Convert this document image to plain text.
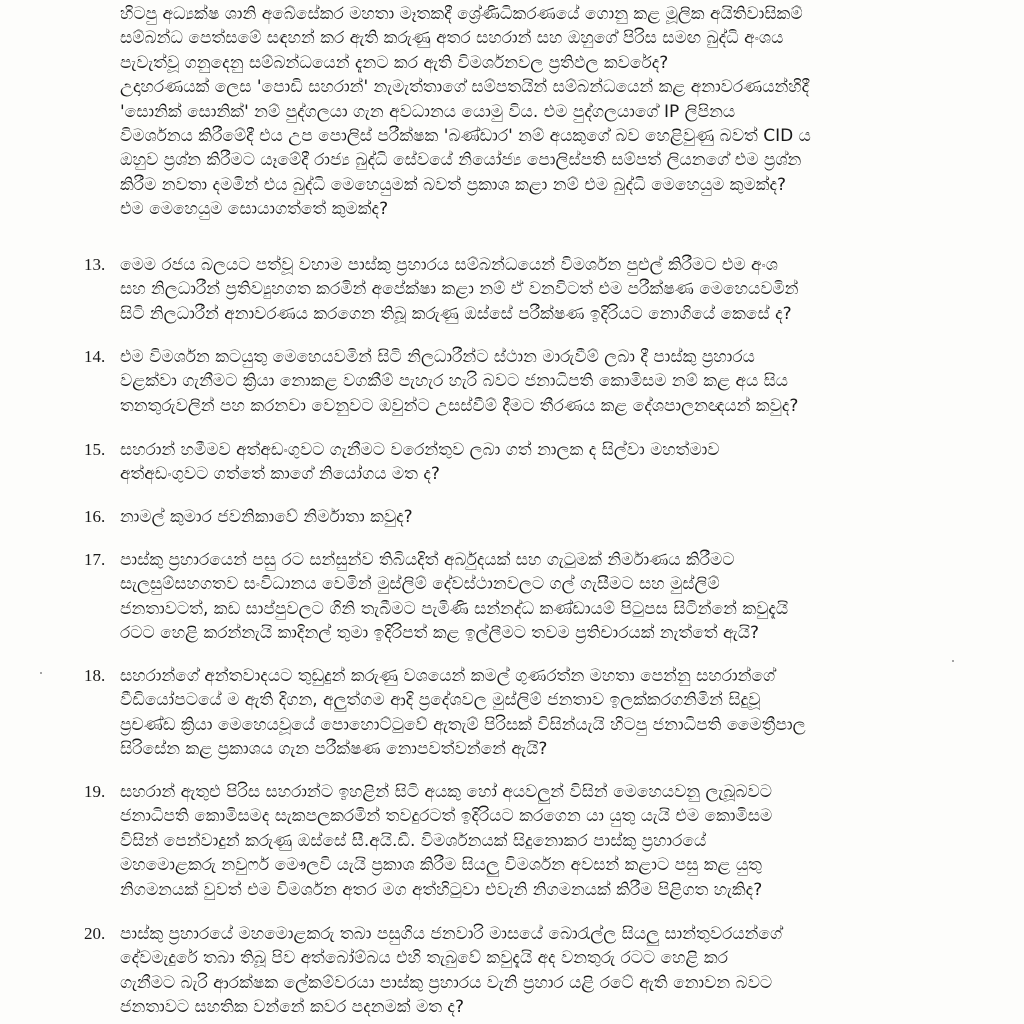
හිටපු අධ්‍යක්ෂ ශානි අබේසේකර මහතා මෑතකදී ශ්‍රේණිධිකරණයේ ගොනු කළ මූලික අයිතිවාසිකම්
සම්බන්ධ පෙත්සමේ සඳහන් කර ඇති කරුණු අතර සහරාන් සහ ඔහුගේ පිරිස සමඟ බුද්ධි අංශය
පැවැත්වූ ගනුදෙනු සම්බන්ධයෙන් දැනට කර ඇති විමර්ශනවල ප්‍රතිඵල කවරේද?
උදාහරණයක් ලෙස 'පොඩි සහරාන්' නැමැත්තාගේ සම්පතයින් සම්බන්ධයෙන් කළ අනාවරණයන්හිදී
'සොනික් සොනික්' නම් පුද්ගලයා ගැන අවධානය යොමු විය. එම පුද්ගලයාගේ IP ලිපිනය
විමර්ශනය කිරීමේදී එය උප පොලිස් පරීක්ෂක 'බණ්ඩාර' නම් අයකුගේ බව හෙළිවුණු බවත් CID ය
ඔහුව ප්‍රශ්න කිරීමට යෑමේදී රාජ්‍ය බුද්ධි සේවයේ නියෝජ්‍ය පොලිස්පති සම්පත් ලියනගේ එම ප්‍රශ්න
කිරීම නවතා දමමින් එය බුද්ධි මෙහෙයුමක් බවත් ප්‍රකාශ කළා නම් එම බුද්ධි මෙහෙයුම කුමක්ද?
එම මෙහෙයුම සොයාගත්තේ කුමක්ද?
13. මෙම රජය බලයට පත්වූ වහාම පාස්කු ප්‍රහාරය සම්බන්ධයෙන් විමර්ශන පුළුල් කිරීමට එම අංශ
සහ නිලධාරීන් ප්‍රතිව්‍යුහගත කරමින් අපේක්ෂා කළා නම් ඒ වනවිටත් එම පරීක්ෂණ මෙහෙයවමින්
සිටි නිලධාරීන් අනාවරණය කරගෙන තිබූ කරුණු ඔස්සේ පරීක්ෂණ ඉදිරියට නොගියේ කෙසේ ද?
14. එම විමර්ශන කටයුතු මෙහෙයවමින් සිටි නිලධාරීන්ට ස්ථාන මාරුවීම් ලබා දී පාස්කු ප්‍රහාරය
වළක්වා ගැනීමට ක්‍රියා නොකළ වගකීම් පැහැර හැරි බවට ජනාධිපති කොමිසම නම් කළ අය සිය
තනතුරුවලින් පහ කරනවා වෙනුවට ඔවුන්ට උසස්වීම් දීමට තීරණය කළ දේශපාලනඥයන් කවුද?
15. සහරාන් හමීමව අත්අඩංගුවට ගැනීමට වරෙන්තුව ලබා ගත් නාලක ද සිල්වා මහත්මාව
අත්අඩංගුවට ගත්තේ කාගේ නියෝගය මත ද?
16. නාමල් කුමාර ජවනිකාවේ නිර්මාතා කවුද?
17. පාස්කු ප්‍රහාරයෙන් පසු රට සන්සුන්ව තිබියදිත් අර්බුදයක් සහ ගැටුමක් නිර්මාණය කිරීමට
සැලසුම්සහගතව සංවිධානය වෙමින් මුස්ලිම් දේවස්ථානවලට ගල් ගැසීමට සහ මුස්ලිම්
ජනතාවටත්, කඩ සාප්පුවලට ගිනි තැබීමට පැමිණි සන්නද්ධ කණ්ඩායම් පිටුපස සිටින්නේ කවුදැයි
රටට හෙළි කරන්නැයි කාදිනල් තුමා ඉදිරිපත් කළ ඉල්ලීමට තවම ප්‍රතිචාරයක් නැත්තේ ඇයි?
18. සහරාන්ගේ අන්තවාදයට තුඩුදුන් කරුණු වශයෙන් කමල් ගුණරත්න මහතා පෙන්නු සහරාන්ගේ
වීඩියෝපටයේ ම ඇති දිගන, අලුත්ගම ආදි ප්‍රදේශවල මුස්ලිම් ජනතාව ඉලක්කරගනිමින් සිදුවූ
ප්‍රචණ්ඩ ක්‍රියා මෙහෙයවූයේ පොහොට්ටුවේ ඇතැම් පිරිසක් විසින්යැයි හිටපු ජනාධිපති මෛත්‍රීපාල
සිරිසේන කළ ප්‍රකාශය ගැන පරීක්ෂණ නොපවත්වන්නේ ඇයි?
19. සහරාන් ඇතුළු පිරිස සහරාන්ට ඉහළින් සිටි අයකු හෝ අයවලුන් විසින් මෙහෙයවනු ලැබූබවට
ජනාධිපති කොමිසමද සැකපලකරමින් තවදුරටත් ඉදිරියට කරගෙන යා යුතු යැයි එම කොමිසම
විසින් පෙන්වාදුන් කරුණු ඔස්සේ සී.අයි.ඩී. විමර්ශනයක් සිදුනොකර පාස්කු ප්‍රහාරයේ
මහමොළකරු නවුෆර් මෞලවි යැයි ප්‍රකාශ කිරීම සියලු විමර්ශන අවසන් කළාට පසු කළ යුතු
නිගමනයක් වුවත් එම විමර්ශන අතර මග අත්හිටුවා එවැනි නිගමනයක් කිරීම පිළිගත හැකිද?
20. පාස්කු ප්‍රහාරයේ මහමොළකරු තබා පසුගිය ජනවාරි මාසයේ බොරැල්ල සියලු සාන්තුවරයන්ගේ
දේවමැදුරේ තබා තිබූ පිව අත්බෝම්බය එහි තැබුවේ කවුදැයි අද වනතුරු රටට හෙළි කර
ගැනීමට බැරි ආරක්ෂක ලේකම්වරයා පාස්කු ප්‍රහාරය වැනි ප්‍රහාර යළි රටේ ඇති නොවන බවට
ජනතාවට සහතික වන්නේ කවර පදනමක් මත ද?
